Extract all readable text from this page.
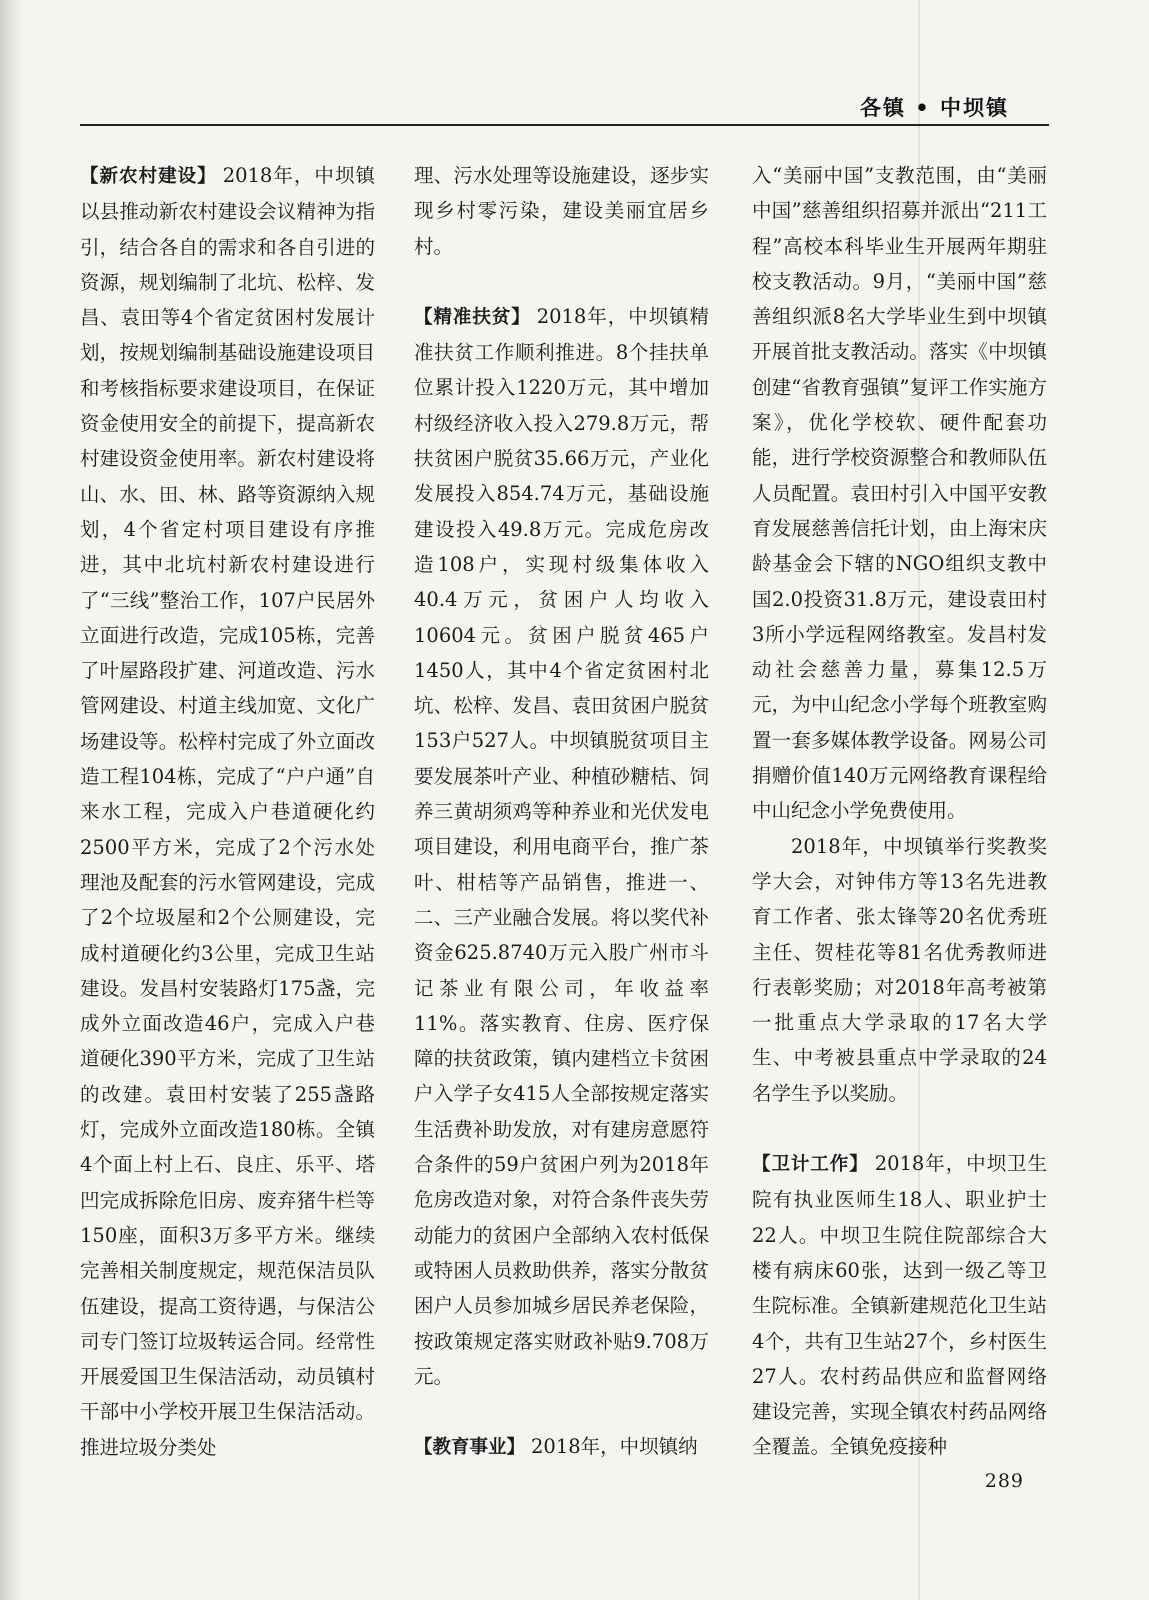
各镇 • 中坝镇

【新农村建设】 2018年，中坝镇以县推动新农村建设会议精神为指引，结合各自的需求和各自引进的资源，规划编制了北坑、松梓、发昌、袁田等4个省定贫困村发展计划，按规划编制基础设施建设项目和考核指标要求建设项目，在保证资金使用安全的前提下，提高新农村建设资金使用率。新农村建设将山、水、田、林、路等资源纳入规划，4个省定村项目建设有序推进，其中北坑村新农村建设进行了“三线”整治工作，107户民居外立面进行改造，完成105栋，完善了叶屋路段扩建、河道改造、污水管网建设、村道主线加宽、文化广场建设等。松梓村完成了外立面改造工程104栋，完成了“户户通”自来水工程，完成入户巷道硬化约2500平方米，完成了2个污水处理池及配套的污水管网建设，完成了2个垃圾屋和2个公厕建设，完成村道硬化约3公里，完成卫生站建设。发昌村安装路灯175盏，完成外立面改造46户，完成入户巷道硬化390平方米，完成了卫生站的改建。袁田村安装了255盏路灯，完成外立面改造180栋。全镇4个面上村上石、良庄、乐平、塔凹完成拆除危旧房、废弃猪牛栏等150座，面积3万多平方米。继续完善相关制度规定，规范保洁员队伍建设，提高工资待遇，与保洁公司专门签订垃圾转运合同。经常性开展爱国卫生保洁活动，动员镇村干部中小学校开展卫生保洁活动。推进垃圾分类处

理、污水处理等设施建设，逐步实现乡村零污染，建设美丽宜居乡村。

【精准扶贫】 2018年，中坝镇精准扶贫工作顺利推进。8个挂扶单位累计投入1220万元，其中增加村级经济收入投入279.8万元，帮扶贫困户脱贫35.66万元，产业化发展投入854.74万元，基础设施建设投入49.8万元。完成危房改造108户，实现村级集体收入40.4万元，贫困户人均收入10604元。贫困户脱贫465户1450人，其中4个省定贫困村北坑、松梓、发昌、袁田贫困户脱贫153户527人。中坝镇脱贫项目主要发展茶叶产业、种植砂糖桔、饲养三黄胡须鸡等种养业和光伏发电项目建设，利用电商平台，推广茶叶、柑桔等产品销售，推进一、二、三产业融合发展。将以奖代补资金625.8740万元入股广州市斗记茶业有限公司，年收益率11%。落实教育、住房、医疗保障的扶贫政策，镇内建档立卡贫困户入学子女415人全部按规定落实生活费补助发放，对有建房意愿符合条件的59户贫困户列为2018年危房改造对象，对符合条件丧失劳动能力的贫困户全部纳入农村低保或特困人员救助供养，落实分散贫困户人员参加城乡居民养老保险，按政策规定落实财政补贴9.708万元。

【教育事业】 2018年，中坝镇纳

入“美丽中国”支教范围，由“美丽中国”慈善组织招募并派出“211工程”高校本科毕业生开展两年期驻校支教活动。9月，“美丽中国”慈善组织派8名大学毕业生到中坝镇开展首批支教活动。落实《中坝镇创建“省教育强镇”复评工作实施方案》，优化学校软、硬件配套功能，进行学校资源整合和教师队伍人员配置。袁田村引入中国平安教育发展慈善信托计划，由上海宋庆龄基金会下辖的NGO组织支教中国2.0投资31.8万元，建设袁田村3所小学远程网络教室。发昌村发动社会慈善力量，募集12.5万元，为中山纪念小学每个班教室购置一套多媒体教学设备。网易公司捐赠价值140万元网络教育课程给中山纪念小学免费使用。

2018年，中坝镇举行奖教奖学大会，对钟伟方等13名先进教育工作者、张太锋等20名优秀班主任、贺桂花等81名优秀教师进行表彰奖励；对2018年高考被第一批重点大学录取的17名大学生、中考被县重点中学录取的24名学生予以奖励。

【卫计工作】 2018年，中坝卫生院有执业医师生18人、职业护士22人。中坝卫生院住院部综合大楼有病床60张，达到一级乙等卫生院标准。全镇新建规范化卫生站4个，共有卫生站27个，乡村医生27人。农村药品供应和监督网络建设完善，实现全镇农村药品网络全覆盖。全镇免疫接种

289
